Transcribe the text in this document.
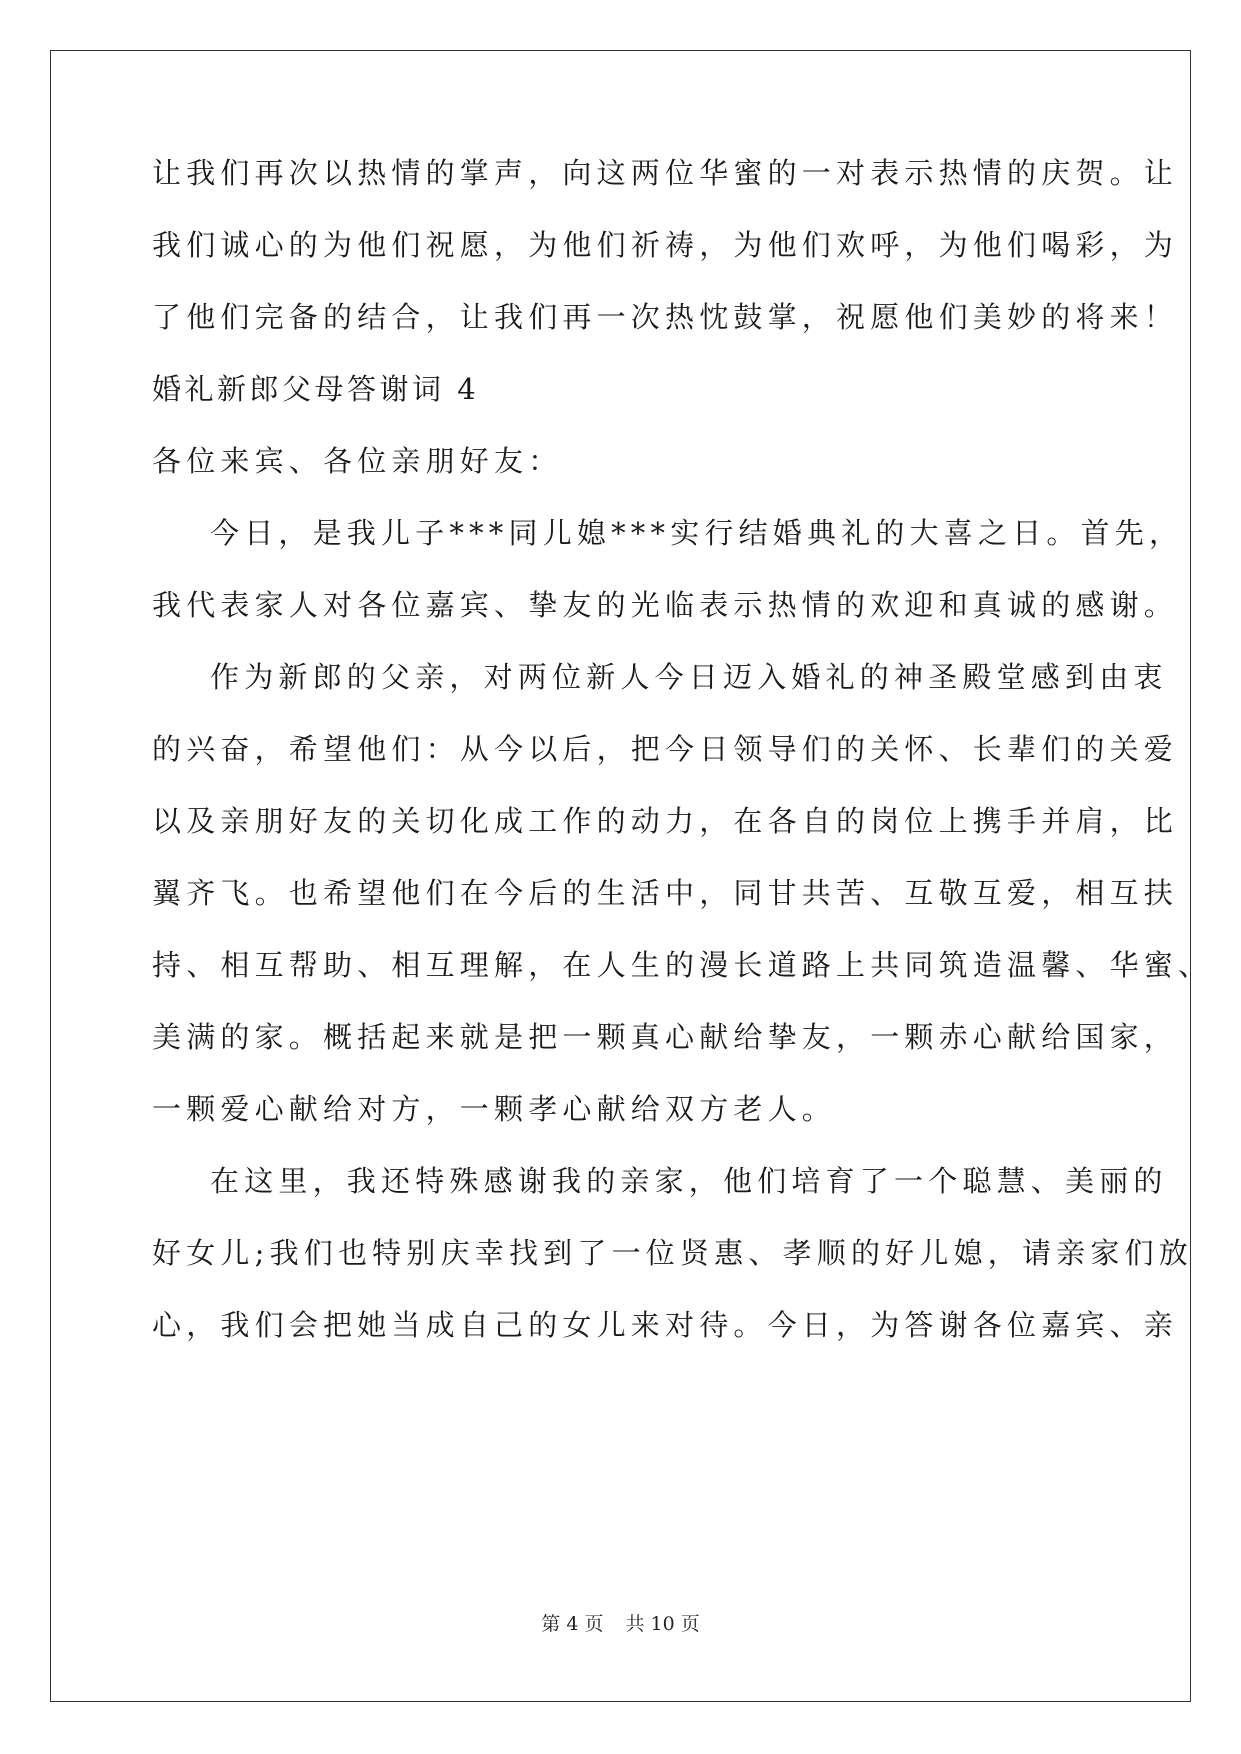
让我们再次以热情的掌声，向这两位华蜜的一对表示热情的庆贺。让
我们诚心的为他们祝愿，为他们祈祷，为他们欢呼，为他们喝彩，为
了他们完备的结合，让我们再一次热忱鼓掌，祝愿他们美妙的将来！
婚礼新郎父母答谢词 4
各位来宾、各位亲朋好友：
今日，是我儿子***同儿媳***实行结婚典礼的大喜之日。首先，
我代表家人对各位嘉宾、挚友的光临表示热情的欢迎和真诚的感谢。
作为新郎的父亲，对两位新人今日迈入婚礼的神圣殿堂感到由衷
的兴奋，希望他们：从今以后，把今日领导们的关怀、长辈们的关爱
以及亲朋好友的关切化成工作的动力，在各自的岗位上携手并肩，比
翼齐飞。也希望他们在今后的生活中，同甘共苦、互敬互爱，相互扶
持、相互帮助、相互理解，在人生的漫长道路上共同筑造温馨、华蜜、
美满的家。概括起来就是把一颗真心献给挚友，一颗赤心献给国家，
一颗爱心献给对方，一颗孝心献给双方老人。
在这里，我还特殊感谢我的亲家，他们培育了一个聪慧、美丽的
好女儿;我们也特别庆幸找到了一位贤惠、孝顺的好儿媳，请亲家们放
心，我们会把她当成自己的女儿来对待。今日，为答谢各位嘉宾、亲
第 4 页 共 10 页
